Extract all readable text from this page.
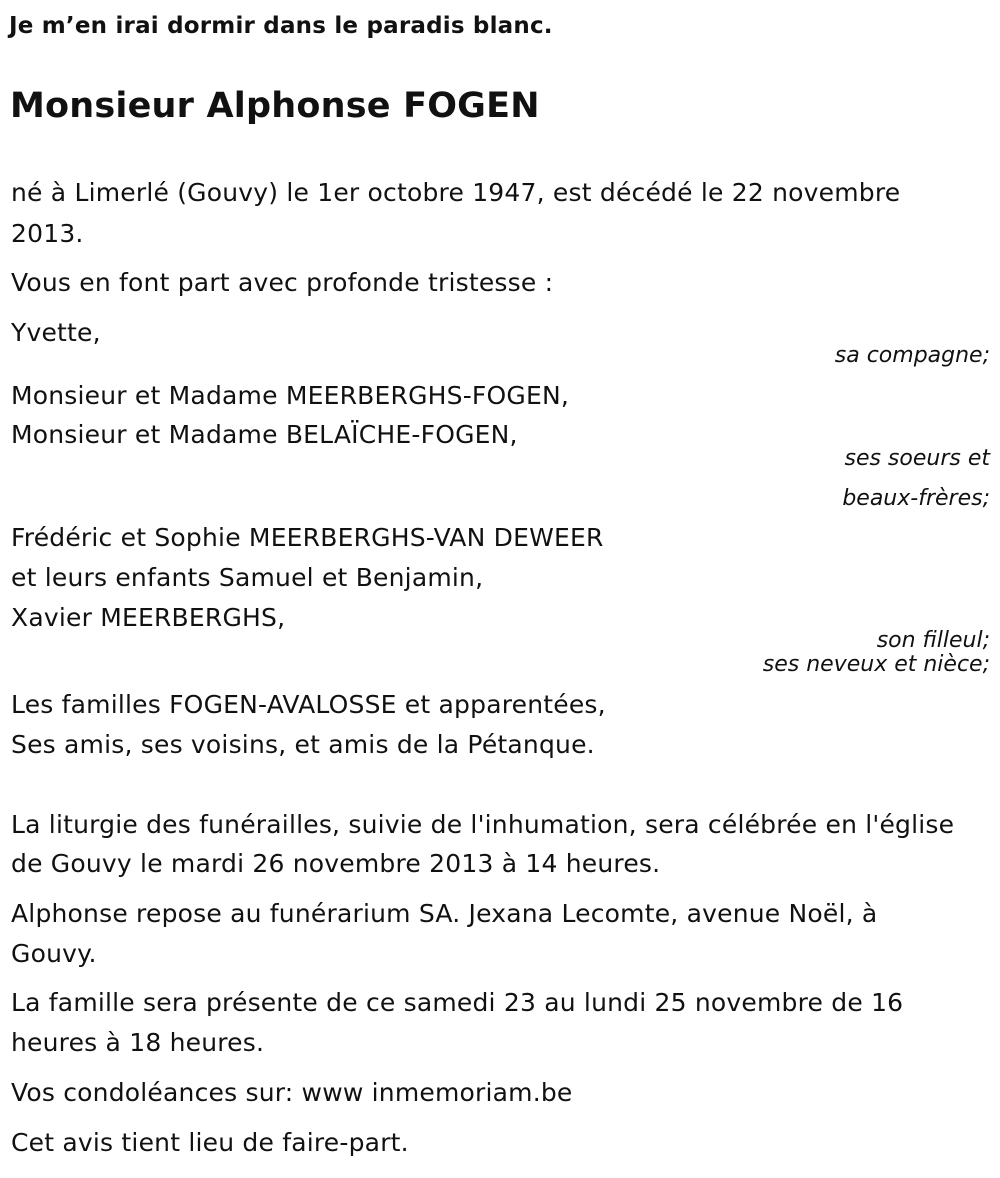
Je m’en irai dormir dans le paradis blanc.

Monsieur Alphonse FOGEN

né à Limerlé (Gouvy) le 1er octobre 1947, est décédé le 22 novembre

2013.

Vous en font part avec profonde tristesse :

Yvette,

sa compagne;

Monsieur et Madame MEERBERGHS-FOGEN,

Monsieur et Madame BELAÏCHE-FOGEN,

ses soeurs et

beaux-frères;

Frédéric et Sophie MEERBERGHS-VAN DEWEER

et leurs enfants Samuel et Benjamin,

Xavier MEERBERGHS,

son filleul;

ses neveux et nièce;

Les familles FOGEN-AVALOSSE et apparentées,

Ses amis, ses voisins, et amis de la Pétanque.

La liturgie des funérailles, suivie de l'inhumation, sera célébrée en l'église

de Gouvy le mardi 26 novembre 2013 à 14 heures.

Alphonse repose au funérarium SA. Jexana Lecomte, avenue Noël, à

Gouvy.

La famille sera présente de ce samedi 23 au lundi 25 novembre de 16

heures à 18 heures.

Vos condoléances sur: www inmemoriam.be

Cet avis tient lieu de faire-part.
